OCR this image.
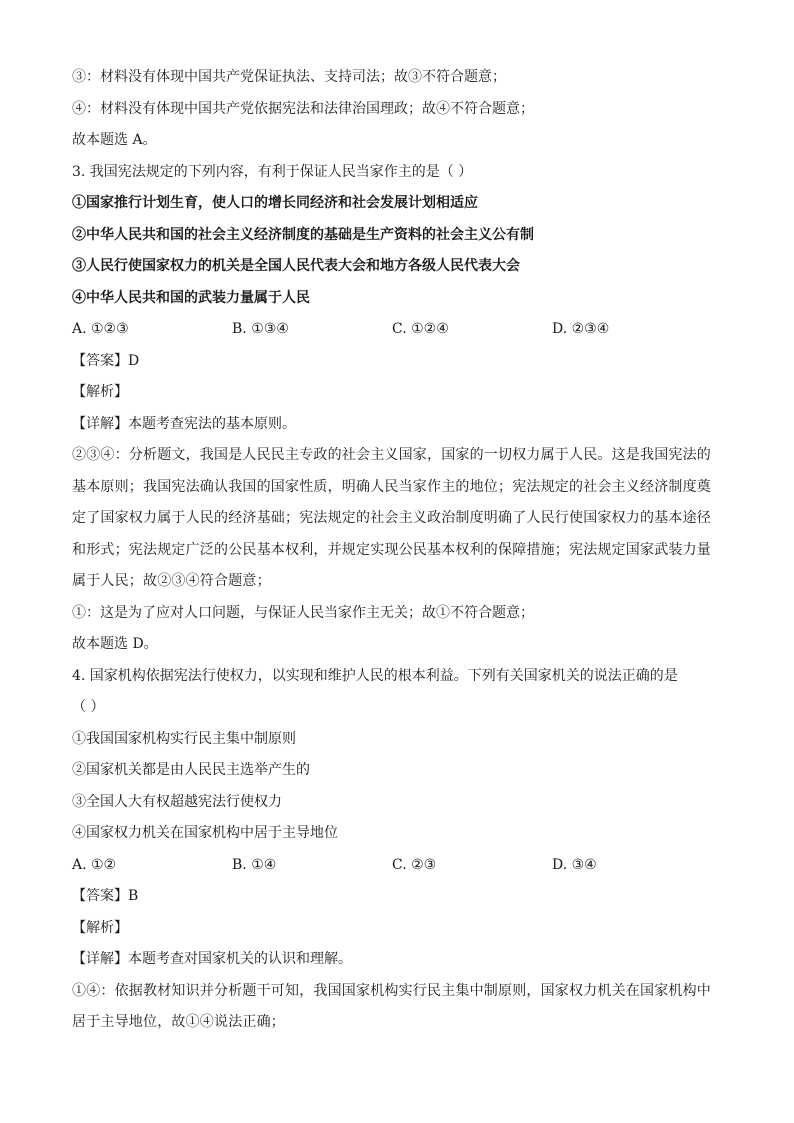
③：材料没有体现中国共产党保证执法、支持司法；故③不符合题意；
④：材料没有体现中国共产党依据宪法和法律治国理政；故④不符合题意；
故本题选 A。
3. 我国宪法规定的下列内容，有利于保证人民当家作主的是（ ）
①国家推行计划生育，使人口的增长同经济和社会发展计划相适应
②中华人民共和国的社会主义经济制度的基础是生产资料的社会主义公有制
③人民行使国家权力的机关是全国人民代表大会和地方各级人民代表大会
④中华人民共和国的武装力量属于人民
A. ①②③	B. ①③④	C. ①②④	D. ②③④
【答案】D
【解析】
【详解】本题考查宪法的基本原则。
②③④：分析题文，我国是人民民主专政的社会主义国家，国家的一切权力属于人民。这是我国宪法的基本原则；我国宪法确认我国的国家性质，明确人民当家作主的地位；宪法规定的社会主义经济制度奠定了国家权力属于人民的经济基础；宪法规定的社会主义政治制度明确了人民行使国家权力的基本途径和形式；宪法规定广泛的公民基本权利，并规定实现公民基本权利的保障措施；宪法规定国家武装力量属于人民；故②③④符合题意；
①：这是为了应对人口问题，与保证人民当家作主无关；故①不符合题意；
故本题选 D。
4. 国家机构依据宪法行使权力，以实现和维护人民的根本利益。下列有关国家机关的说法正确的是
（ ）
①我国国家机构实行民主集中制原则
②国家机关都是由人民民主选举产生的
③全国人大有权超越宪法行使权力
④国家权力机关在国家机构中居于主导地位
A. ①②	B. ①④	C. ②③	D. ③④
【答案】B
【解析】
【详解】本题考查对国家机关的认识和理解。
①④：依据教材知识并分析题干可知，我国国家机构实行民主集中制原则，国家权力机关在国家机构中居于主导地位，故①④说法正确；
